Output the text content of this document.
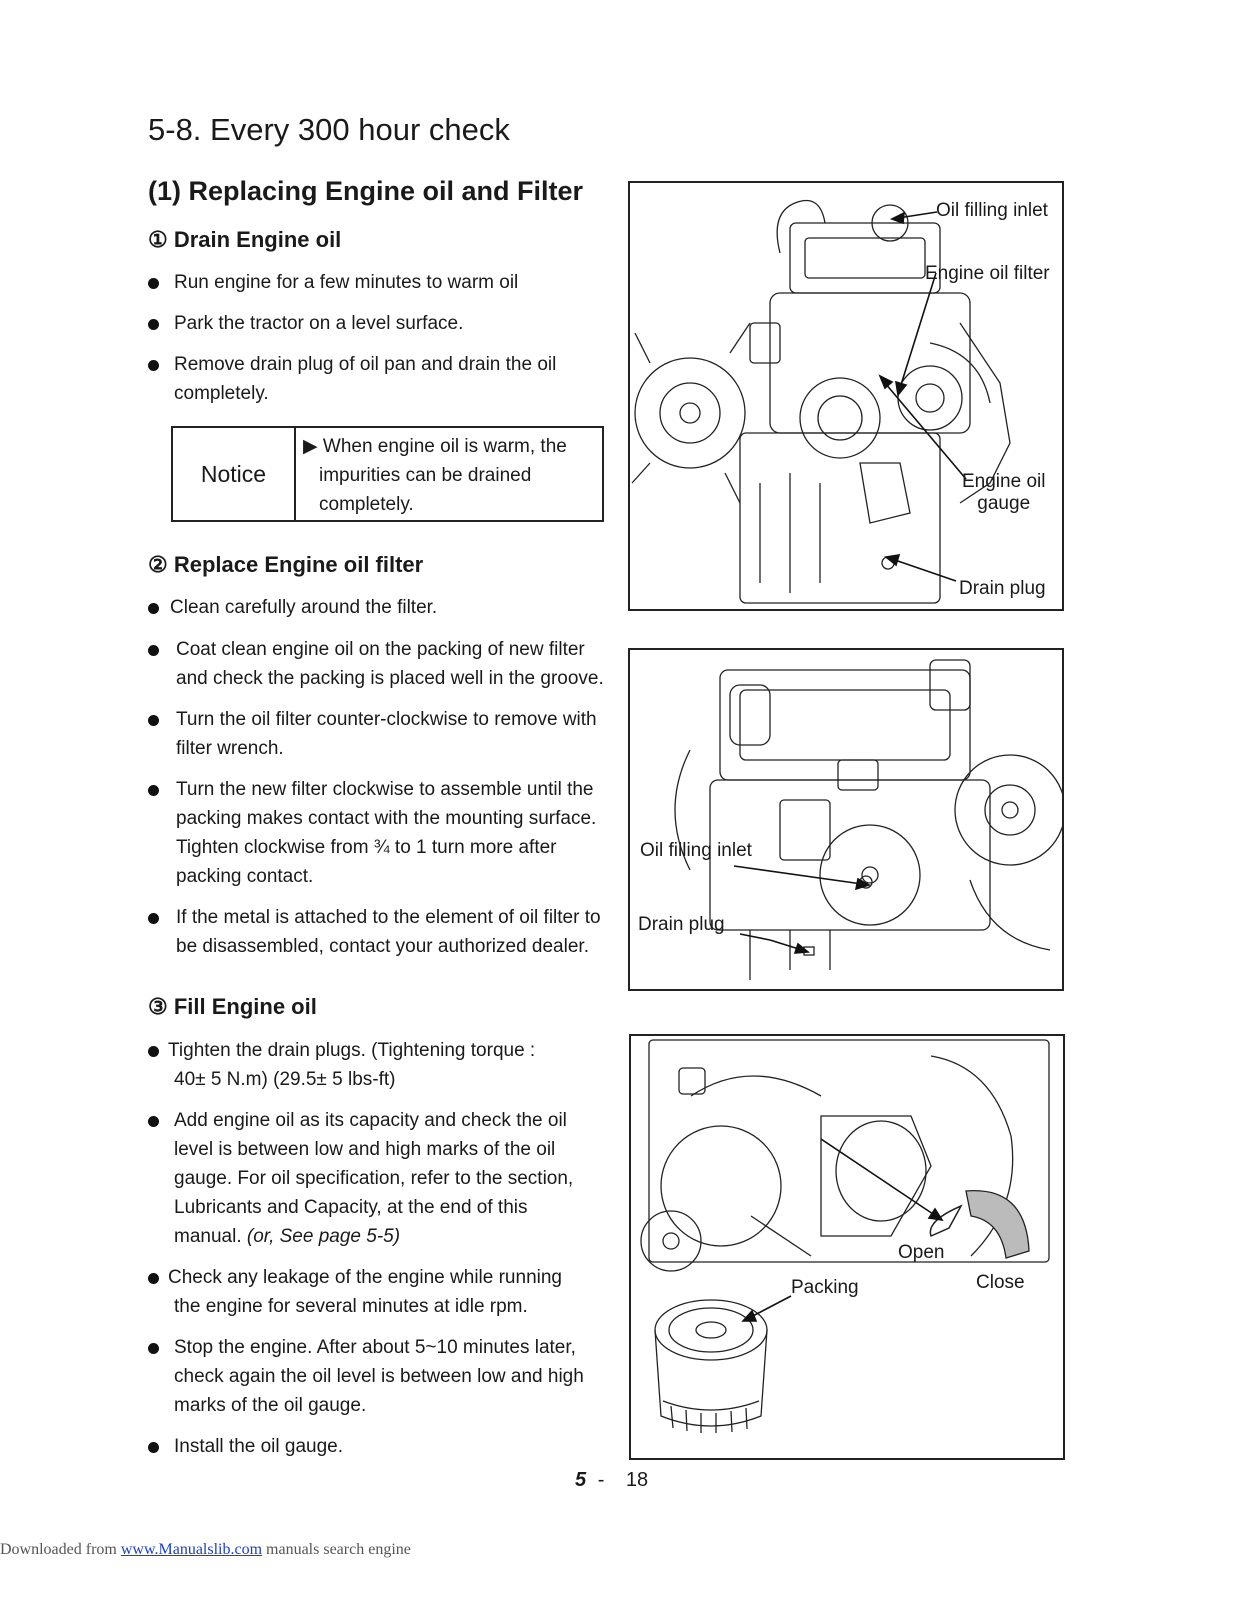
5-8. Every 300 hour check
(1) Replacing Engine oil and Filter
① Drain Engine oil
Run engine for a few minutes to warm oil
Park the tractor on a level surface.
Remove drain plug of oil pan and drain the oil
completely.
Notice
▶ When engine oil is warm, the
impurities can be drained
completely.
② Replace Engine oil filter
Clean carefully around the filter.
Coat clean engine oil on the packing of new filter
and check the packing is placed well in the groove.
Turn the oil filter counter-clockwise to remove with
filter wrench.
Turn the new filter clockwise to assemble until the
packing makes contact with the mounting surface.
Tighten clockwise from ¾ to 1 turn more after
packing contact.
If the metal is attached to the element of oil filter to
be disassembled, contact your authorized dealer.
③ Fill Engine oil
Tighten the drain plugs. (Tightening torque :
40± 5 N.m) (29.5± 5 lbs-ft)
Add engine oil as its capacity and check the oil
level is between low and high marks of the oil
gauge. For oil specification, refer to the section,
Lubricants and Capacity, at the end of this
manual. (or, See page 5-5)
Check any leakage of the engine while running
the engine for several minutes at idle rpm.
Stop the engine. After about 5~10 minutes later,
check again the oil level is between low and high
marks of the oil gauge.
Install the oil gauge.
Oil filling inlet
Engine oil filter
Engine oil
gauge
Drain plug
Oil filling inlet
Drain plug
Open
Close
Packing
5 - 18
Downloaded from www.Manualslib.com manuals search engine
